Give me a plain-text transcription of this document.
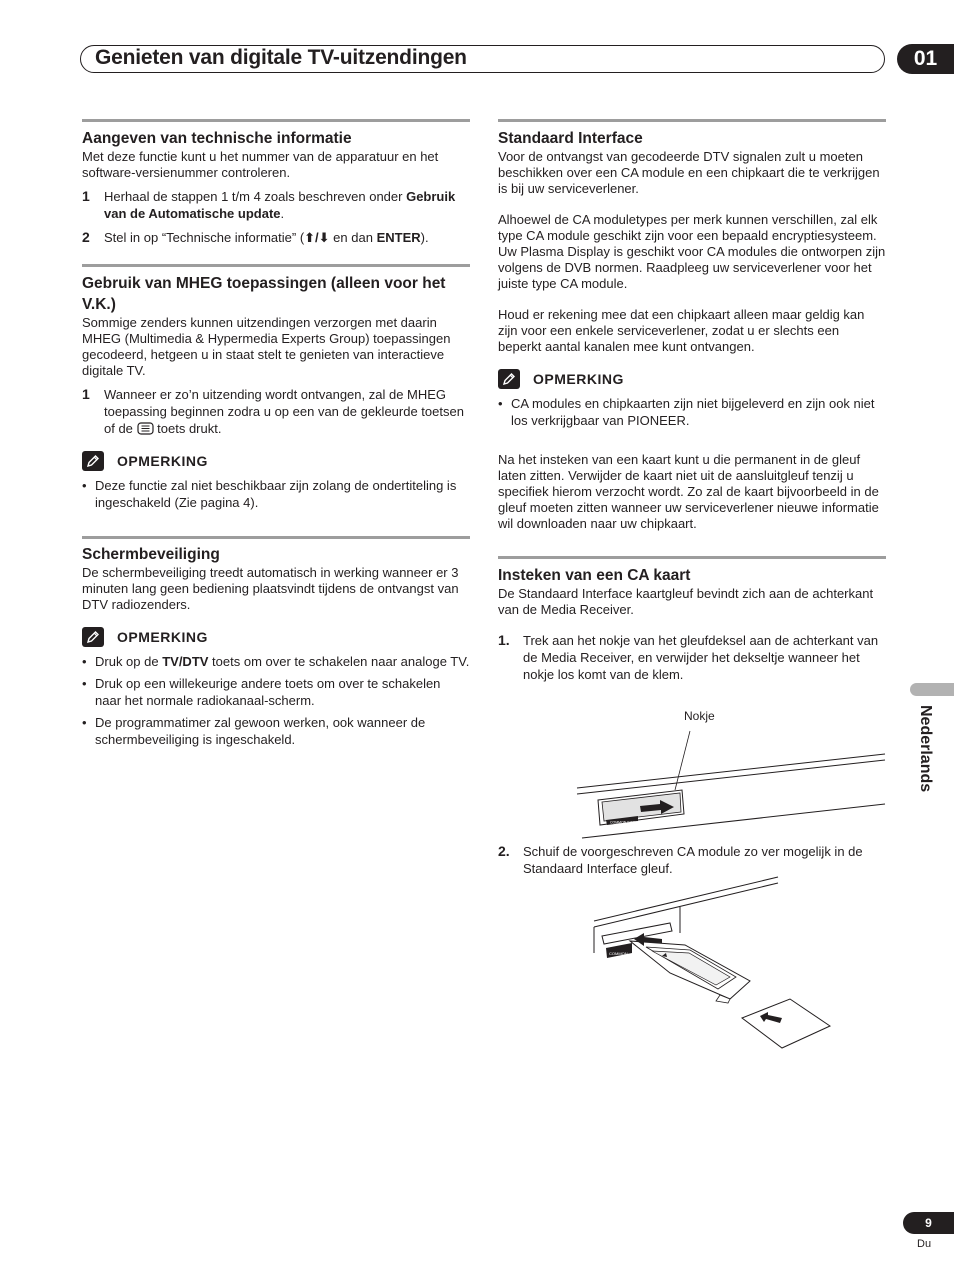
Genieten van digitale TV-uitzendingen	01
Aangeven van technische informatie

Met deze functie kunt u het nummer van de apparatuur en het software-versienummer controleren.

1	Herhaal de stappen 1 t/m 4 zoals beschreven onder Gebruik van de Automatische update.
2	Stel in op “Technische informatie” (⬆/⬇ en dan ENTER).
Gebruik van MHEG toepassingen (alleen voor het V.K.)

Sommige zenders kunnen uitzendingen verzorgen met daarin MHEG (Multimedia & Hypermedia Experts Group) toepassingen gecodeerd, hetgeen u in staat stelt te genieten van interactieve digitale TV.

1	Wanneer er zo’n uitzending wordt ontvangen, zal de MHEG toepassing beginnen zodra u op een van de gekleurde toetsen of de  toets drukt.
OPMERKING
• Deze functie zal niet beschikbaar zijn zolang de ondertiteling is ingeschakeld (Zie pagina 4).
Schermbeveiliging

De schermbeveiliging treedt automatisch in werking wanneer er 3 minuten lang geen bediening plaatsvindt tijdens de ontvangst van DTV radiozenders.

OPMERKING
• Druk op de TV/DTV toets om over te schakelen naar analoge TV.
• Druk op een willekeurige andere toets om over te schakelen naar het normale radiokanaal-scherm.
• De programmatimer zal gewoon werken, ook wanneer de schermbeveiliging is ingeschakeld.
Standaard Interface

Voor de ontvangst van gecodeerde DTV signalen zult u moeten beschikken over een CA module en een chipkaart die te verkrijgen is bij uw serviceverlener.

Alhoewel de CA moduletypes per merk kunnen verschillen, zal elk type CA module geschikt zijn voor een bepaald encryptiesysteem. Uw Plasma Display is geschikt voor CA modules die ontworpen zijn volgens de DVB normen. Raadpleeg uw serviceverlener voor het juiste type CA module.

Houd er rekening mee dat een chipkaart alleen maar geldig kan zijn voor een enkele serviceverlener, zodat u er slechts een beperkt aantal kanalen mee kunt ontvangen.

OPMERKING
• CA modules en chipkaarten zijn niet bijgeleverd en zijn ook niet los verkrijgbaar van PIONEER.

Na het insteken van een kaart kunt u die permanent in de gleuf laten zitten. Verwijder de kaart niet uit de aansluitgleuf tenzij u specifiek hierom verzocht wordt. Zo zal de kaart bijvoorbeeld in de gleuf moeten zitten wanneer uw serviceverlener nieuwe informatie wil downloaden naar uw chipkaart.

Insteken van een CA kaart

De Standaard Interface kaartgleuf bevindt zich aan de achterkant van de Media Receiver.

1.	Trek aan het nokje van het gleufdeksel aan de achterkant van de Media Receiver, en verwijder het dekseltje wanneer het nokje los komt van de klem.
Nokje
COMMON INTERFACE
2.	Schuif de voorgeschreven CA module zo ver mogelijk in de Standaard Interface gleuf.
COMMON
Nederlands
9
Du
